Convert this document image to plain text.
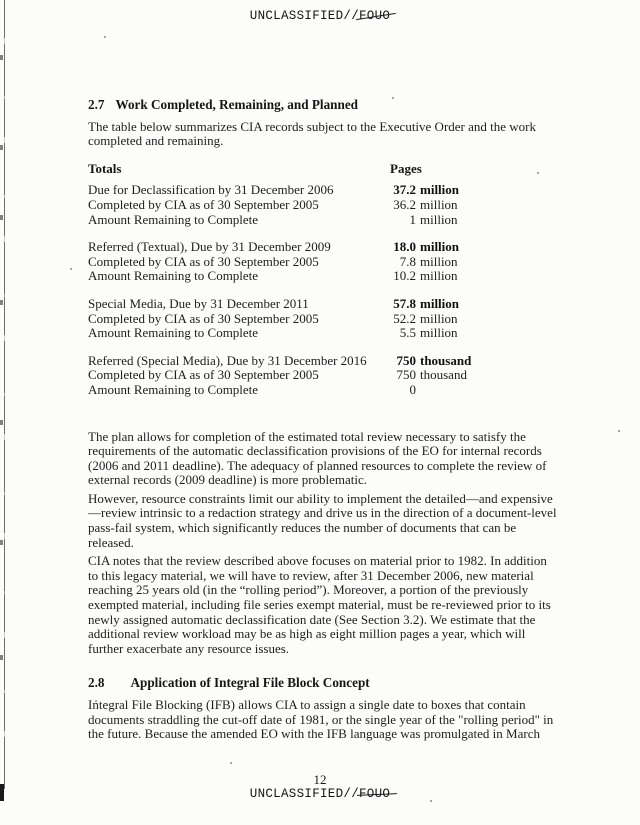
UNCLASSIFIED//FOUO

2.7 Work Completed, Remaining, and Planned

The table below summarizes CIA records subject to the Executive Order and the work completed and remaining.

Totals	Pages
Due for Declassification by 31 December 2006	37.2 million
Completed by CIA as of 30 September 2005	36.2 million
Amount Remaining to Complete	1 million
Referred (Textual), Due by 31 December 2009	18.0 million
Completed by CIA as of 30 September 2005	7.8 million
Amount Remaining to Complete	10.2 million
Special Media, Due by 31 December 2011	57.8 million
Completed by CIA as of 30 September 2005	52.2 million
Amount Remaining to Complete	5.5 million
Referred (Special Media), Due by 31 December 2016	750 thousand
Completed by CIA as of 30 September 2005	750 thousand
Amount Remaining to Complete	0

The plan allows for completion of the estimated total review necessary to satisfy the requirements of the automatic declassification provisions of the EO for internal records (2006 and 2011 deadline). The adequacy of planned resources to complete the review of external records (2009 deadline) is more problematic.

However, resource constraints limit our ability to implement the detailed—and expensive—review intrinsic to a redaction strategy and drive us in the direction of a document-level pass-fail system, which significantly reduces the number of documents that can be released.

CIA notes that the review described above focuses on material prior to 1982. In addition to this legacy material, we will have to review, after 31 December 2006, new material reaching 25 years old (in the “rolling period”). Moreover, a portion of the previously exempted material, including file series exempt material, must be re-reviewed prior to its newly assigned automatic declassification date (See Section 3.2). We estimate that the additional review workload may be as high as eight million pages a year, which will further exacerbate any resource issues.

2.8 Application of Integral File Block Concept

Integral File Blocking (IFB) allows CIA to assign a single date to boxes that contain documents straddling the cut-off date of 1981, or the single year of the "rolling period" in the future. Because the amended EO with the IFB language was promulgated in March

12
UNCLASSIFIED//FOUO
